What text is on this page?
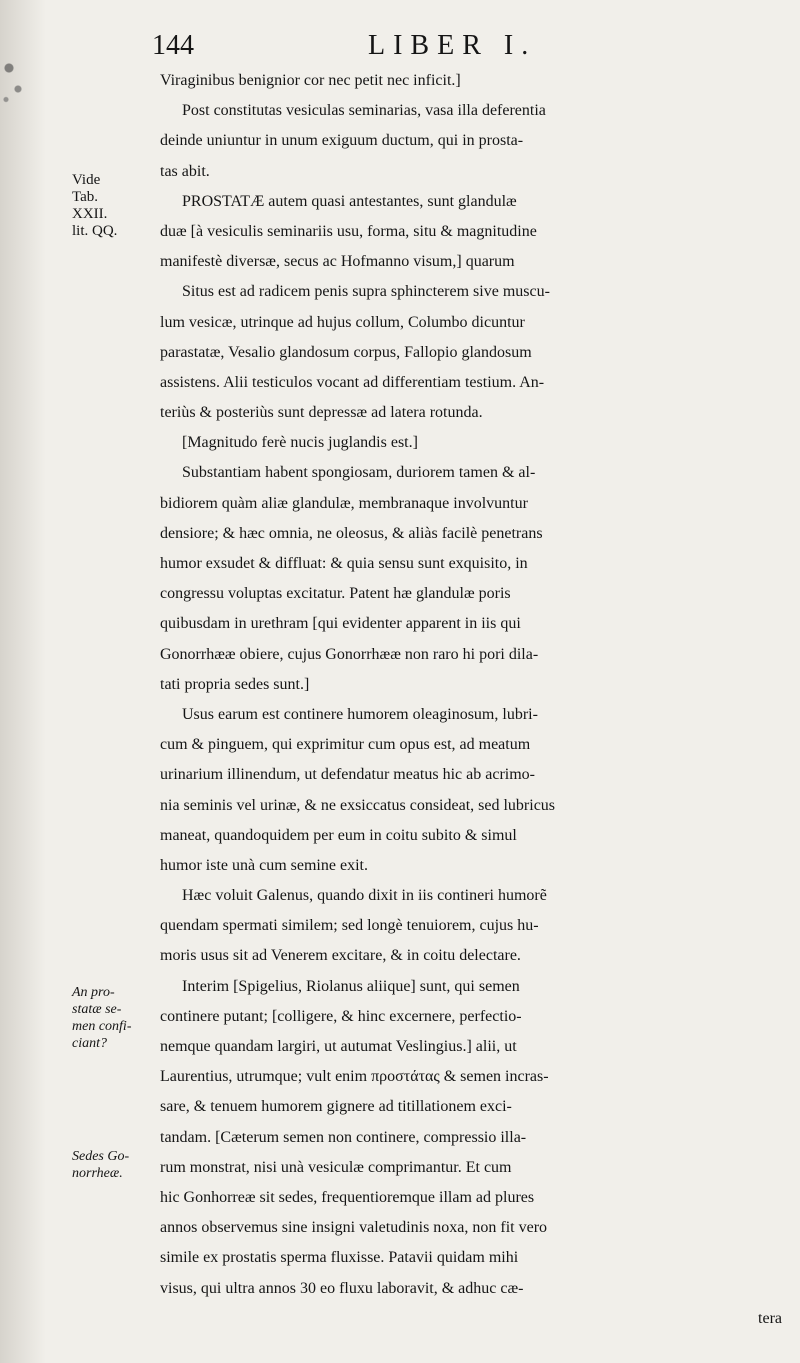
144	LIBER I.
Vide
Tab.
XXII.
lit. QQ.
An pro-
statæ se-
men confi-
ciant?
Sedes Go-
norrheæ.
Viraginibus benignior cor nec petit nec inficit.]
Post constitutas vesiculas seminarias, vasa illa deferentia
deinde uniuntur in unum exiguum ductum, qui in prosta-
tas abit.
PROSTATÆ autem quasi antestantes, sunt glandulæ
duæ [à vesiculis seminariis usu, forma, situ & magnitudine
manifestè diversæ, secus ac Hofmanno visum,] quarum
Situs est ad radicem penis supra sphincterem sive muscu-
lum vesicæ, utrinque ad hujus collum, Columbo dicuntur
parastatæ, Vesalio glandosum corpus, Fallopio glandosum
assistens. Alii testiculos vocant ad differentiam testium. An-
teriùs & posteriùs sunt depressæ ad latera rotunda.
[Magnitudo ferè nucis juglandis est.]
Substantiam habent spongiosam, duriorem tamen & al-
bidiorem quàm aliæ glandulæ, membranaque involvuntur
densiore; & hæc omnia, ne oleosus, & aliàs facilè penetrans
humor exsudet & diffluat: & quia sensu sunt exquisito, in
congressu voluptas excitatur. Patent hæ glandulæ poris
quibusdam in urethram [qui evidenter apparent in iis qui
Gonorrhææ obiere, cujus Gonorrhææ non raro hi pori dila-
tati propria sedes sunt.]
Usus earum est continere humorem oleaginosum, lubri-
cum & pinguem, qui exprimitur cum opus est, ad meatum
urinarium illinendum, ut defendatur meatus hic ab acrimo-
nia seminis vel urinæ, & ne exsiccatus consideat, sed lubricus
maneat, quandoquidem per eum in coitu subito & simul
humor iste unà cum semine exit.
Hæc voluit Galenus, quando dixit in iis contineri humorẽ
quendam spermati similem; sed longè tenuiorem, cujus hu-
moris usus sit ad Venerem excitare, & in coitu delectare.
Interim [Spigelius, Riolanus aliique] sunt, qui semen
continere putant; [colligere, & hinc excernere, perfectio-
nemque quandam largiri, ut autumat Veslingius.] alii, ut
Laurentius, utrumque; vult enim προστάτας & semen incras-
sare, & tenuem humorem gignere ad titillationem exci-
tandam. [Cæterum semen non continere, compressio illa-
rum monstrat, nisi unà vesiculæ comprimantur. Et cum
hic Gonhorreæ sit sedes, frequentioremque illam ad plures
annos observemus sine insigni valetudinis noxa, non fit vero
simile ex prostatis sperma fluxisse. Patavii quidam mihi
visus, qui ultra annos 30 eo fluxu laboravit, & adhuc cæ-
tera
